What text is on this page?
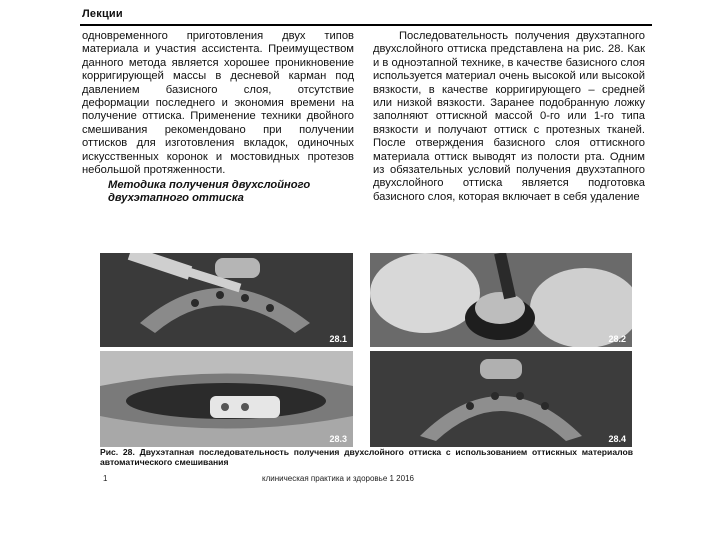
Лекции

одновременного приготовления двух типов материала и участия ассистента. Преимуществом данного метода является хорошее проникновение корригирующей массы в десневой карман под давлением базисного слоя, отсутствие деформации последнего и экономия времени на получение оттиска. Применение техники двойного смешивания рекомендовано при получении оттисков для изготовления вкладок, одиночных искусственных коронок и мостовидных протезов небольшой протяженности.

Методика получения двухслойного двухэтапного оттиска

Последовательность получения двухэтапного двухслойного оттиска представлена на рис. 28. Как и в одноэтапной технике, в качестве базисного слоя используется материал очень высокой или высокой вязкости, в качестве корригирующего – средней или низкой вязкости. Заранее подобранную ложку заполняют оттискной массой 0-го или 1-го типа вязкости и получают оттиск с протезных тканей. После отверждения базисного слоя оттискного материала оттиск выводят из полости рта. Одним из обязательных условий получения двухэтапного двухслойного оттиска является подготовка базисного слоя, которая включает в себя удаление

28.1	28.2
28.3	28.4
Рис. 28. Двухэтапная последовательность получения двухслойного оттиска с использованием оттискных материалов автоматического смешивания
1	клиническая практика и здоровье 1 2016
